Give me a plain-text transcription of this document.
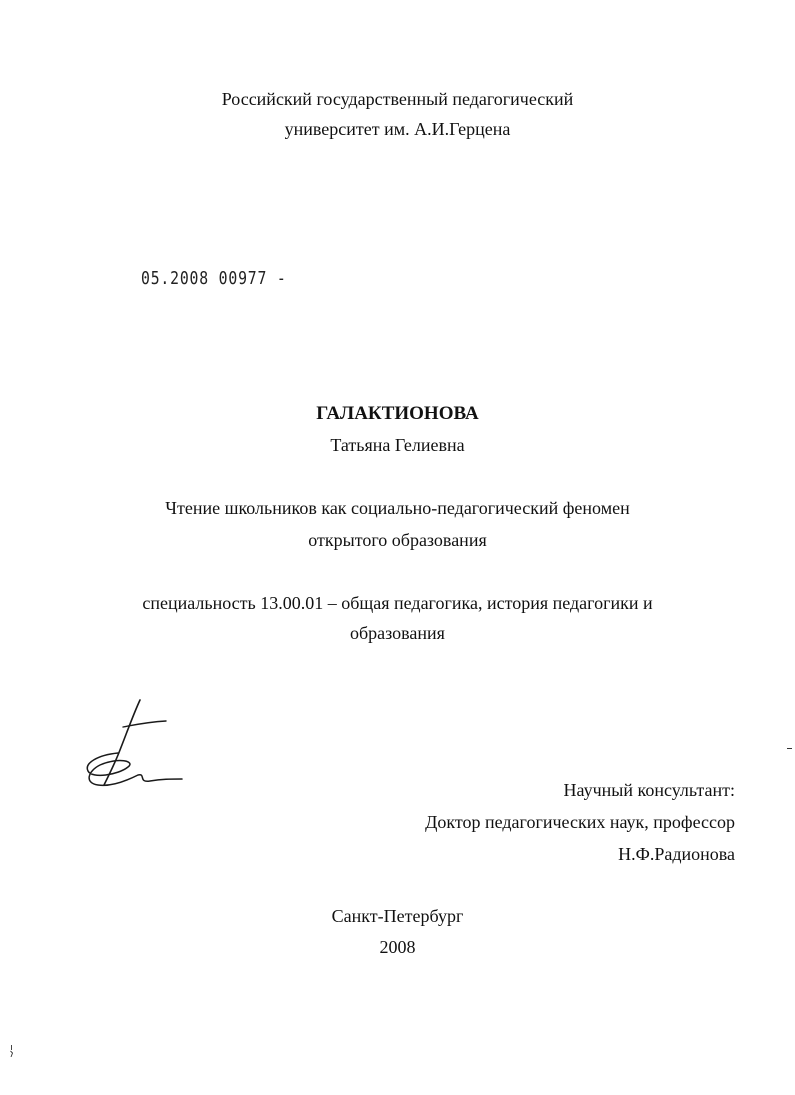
Российский государственный педагогический
университет им. А.И.Герцена
05.2008 00977 -
ГАЛАКТИОНОВА
Татьяна Гелиевна
Чтение школьников как социально-педагогический феномен
открытого образования
специальность 13.00.01 – общая педагогика, история педагогики и
образования
Научный консультант:
Доктор педагогических наук, профессор
Н.Ф.Радионова
Санкт-Петербург
2008
